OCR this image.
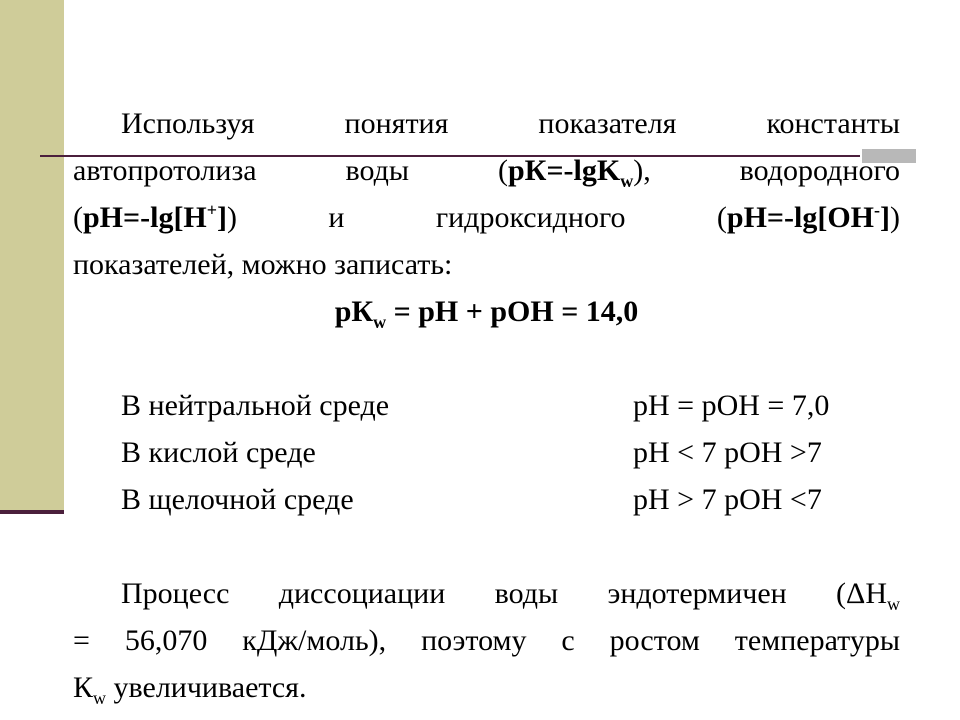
Используя понятия показателя константы
автопротолиза воды (pК=-lgK$_w$), водородного
(pH=-lg[H+]) и гидроксидного (pH=-lg[OH-])
показателей, можно записать:
$pК_w$ = pH + pOH = 14,0
В нейтральной среде	pH = pOH = 7,0
В кислой среде	pH < 7 pOH >7
В щелочной среде	pH > 7 pOH <7
Процесс диссоциации воды эндотермичен ($\Delta H_w$
= 56,070 кДж/моль), поэтому с ростом температуры
$К_w$ увеличивается.
